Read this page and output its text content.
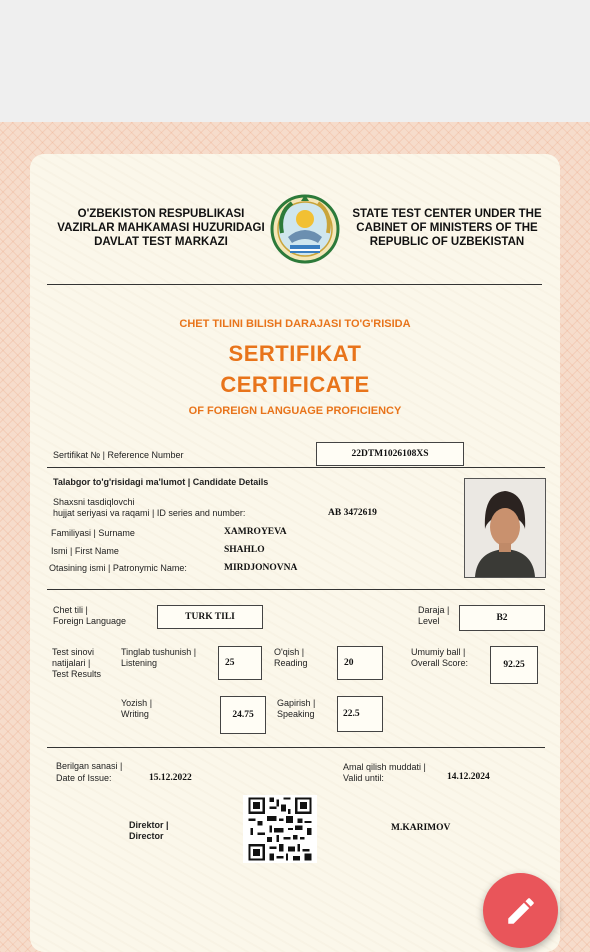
O'ZBEKISTON RESPUBLIKASI
VAZIRLAR MAHKAMASI HUZURIDAGI
DAVLAT TEST MARKAZI
STATE TEST CENTER UNDER THE
CABINET OF MINISTERS OF THE
REPUBLIC OF UZBEKISTAN
CHET TILINI BILISH DARAJASI TO'G'RISIDA
SERTIFIKAT
CERTIFICATE
OF FOREIGN LANGUAGE PROFICIENCY
Sertifikat № | Reference Number	22DTM1026108XS
Talabgor to'g'risidagi ma'lumot | Candidate Details
Shaxsni tasdiqlovchi
hujjat seriyasi va raqami | ID series and number:	AB 3472619
Familiyasi | Surname	XAMROYEVA
Ismi | First Name	SHAHLO
Otasining ismi | Patronymic Name:	MIRDJONOVNA
Chet tili |
Foreign Language	TURK TILI
Daraja |
Level	B2
Test sinovi
natijalari |
Test Results
Tinglab tushunish |
Listening	25
O'qish |
Reading	20
Umumiy ball |
Overall Score:	92.25
Yozish |
Writing	24.75
Gapirish |
Speaking	22.5
Berilgan sanasi |
Date of Issue:	15.12.2022
Amal qilish muddati |
Valid until:	14.12.2024
Direktor |
Director
M.KARIMOV
